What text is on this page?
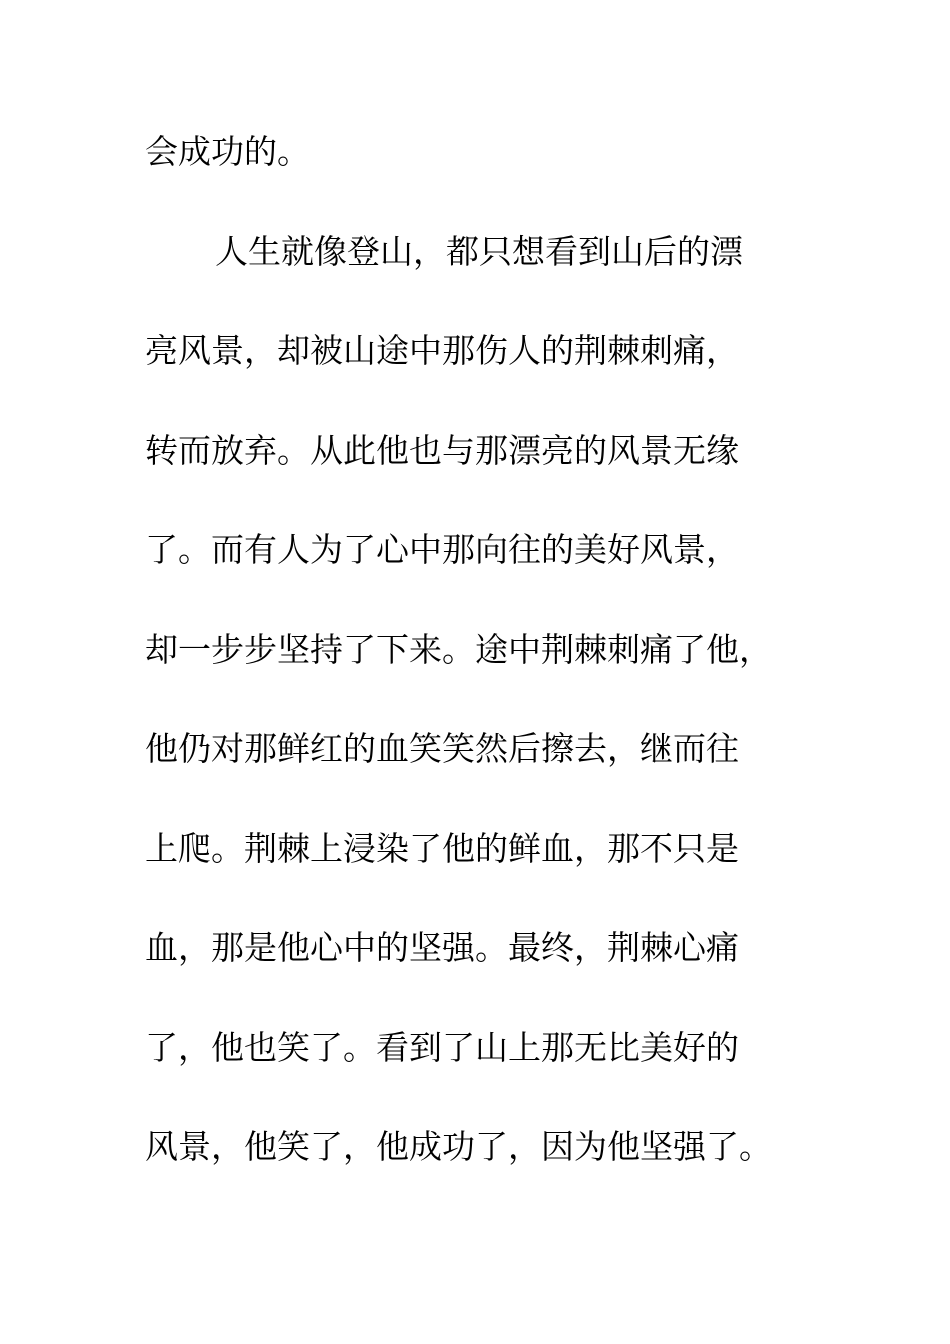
会成功的。
人生就像登山，都只想看到山后的漂
亮风景，却被山途中那伤人的荆棘刺痛，
转而放弃。从此他也与那漂亮的风景无缘
了。而有人为了心中那向往的美好风景，
却一步步坚持了下来。途中荆棘刺痛了他，
他仍对那鲜红的血笑笑然后擦去，继而往
上爬。荆棘上浸染了他的鲜血，那不只是
血，那是他心中的坚强。最终，荆棘心痛
了，他也笑了。看到了山上那无比美好的
风景，他笑了，他成功了，因为他坚强了。
